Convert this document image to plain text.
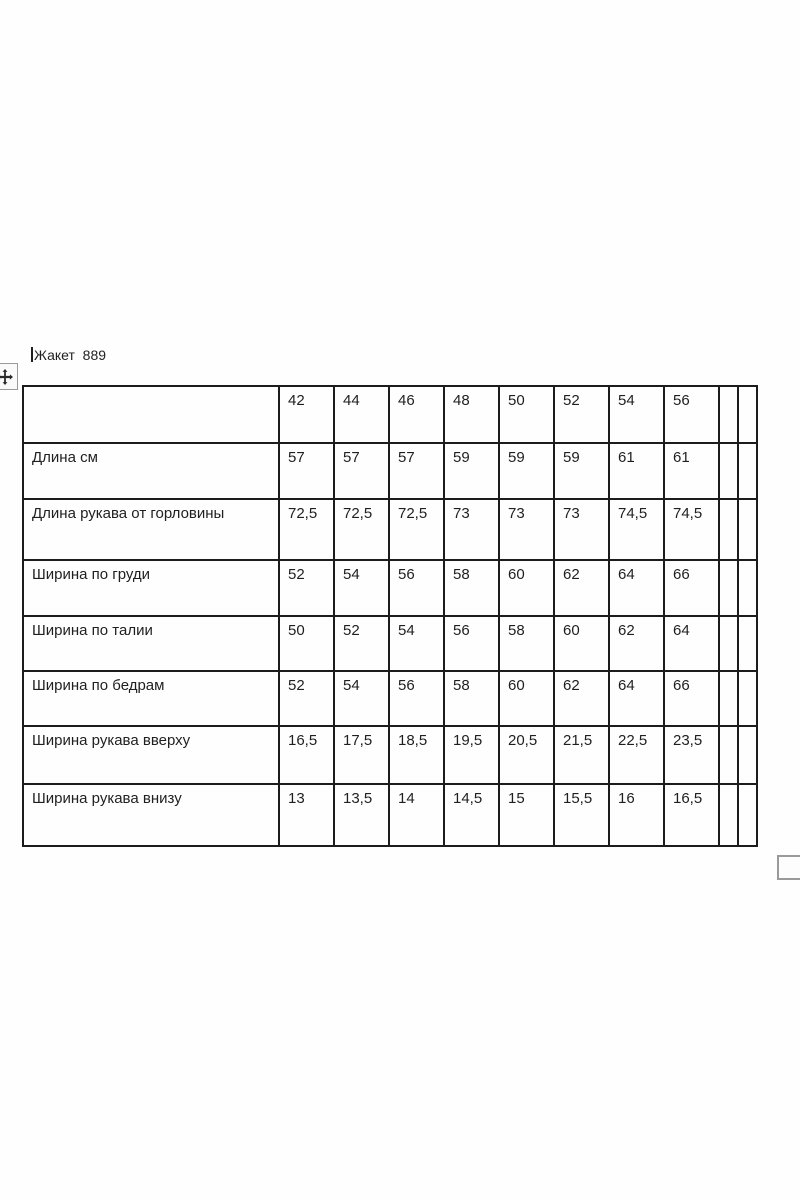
Жакет  889
	42	44	46	48	50	52	54	56		
Длина см	57	57	57	59	59	59	61	61		
Длина рукава от горловины	72,5	72,5	72,5	73	73	73	74,5	74,5		
Ширина по груди	52	54	56	58	60	62	64	66		
Ширина по талии	50	52	54	56	58	60	62	64		
Ширина по бедрам	52	54	56	58	60	62	64	66		
Ширина рукава вверху	16,5	17,5	18,5	19,5	20,5	21,5	22,5	23,5		
Ширина рукава внизу	13	13,5	14	14,5	15	15,5	16	16,5		
